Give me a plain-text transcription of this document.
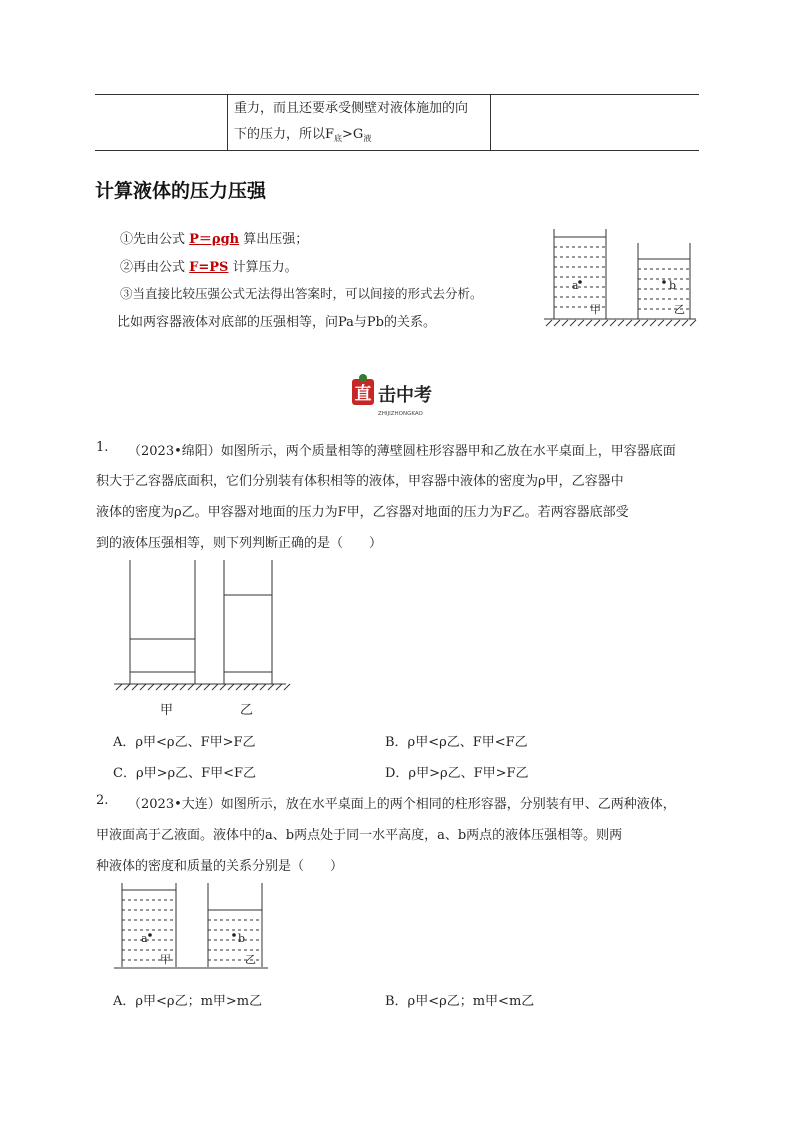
重力，而且还要承受侧壁对液体施加的向
下的压力，所以$F_底>G_液$
计算液体的压力压强
①先由公式 P＝ρgh 算出压强；
②再由公式 F=PS 计算压力。
③当直接比较压强公式无法得出答案时，可以间接的形式去分析。
比如两容器液体对底部的压强相等，问Pa与Pb的关系。
a	b
甲	乙
直 击中考
ZHIJIZHONGKAO
1. （2023•绵阳）如图所示，两个质量相等的薄壁圆柱形容器甲和乙放在水平桌面上，甲容器底面
积大于乙容器底面积，它们分别装有体积相等的液体，甲容器中液体的密度为ρ甲，乙容器中
液体的密度为ρ乙。甲容器对地面的压力为F甲，乙容器对地面的压力为F乙。若两容器底部受
到的液体压强相等，则下列判断正确的是（　　）
甲	乙
A．ρ甲<ρ乙、F甲>F乙	B．ρ甲<ρ乙、F甲<F乙
C．ρ甲>ρ乙、F甲<F乙	D．ρ甲>ρ乙、F甲>F乙
2. （2023•大连）如图所示，放在水平桌面上的两个相同的柱形容器，分别装有甲、乙两种液体，
甲液面高于乙液面。液体中的a、b两点处于同一水平高度，a、b两点的液体压强相等。则两
种液体的密度和质量的关系分别是（　　）
a	b
甲	乙
A．ρ甲<ρ乙；m甲>m乙	B．ρ甲<ρ乙；m甲<m乙
